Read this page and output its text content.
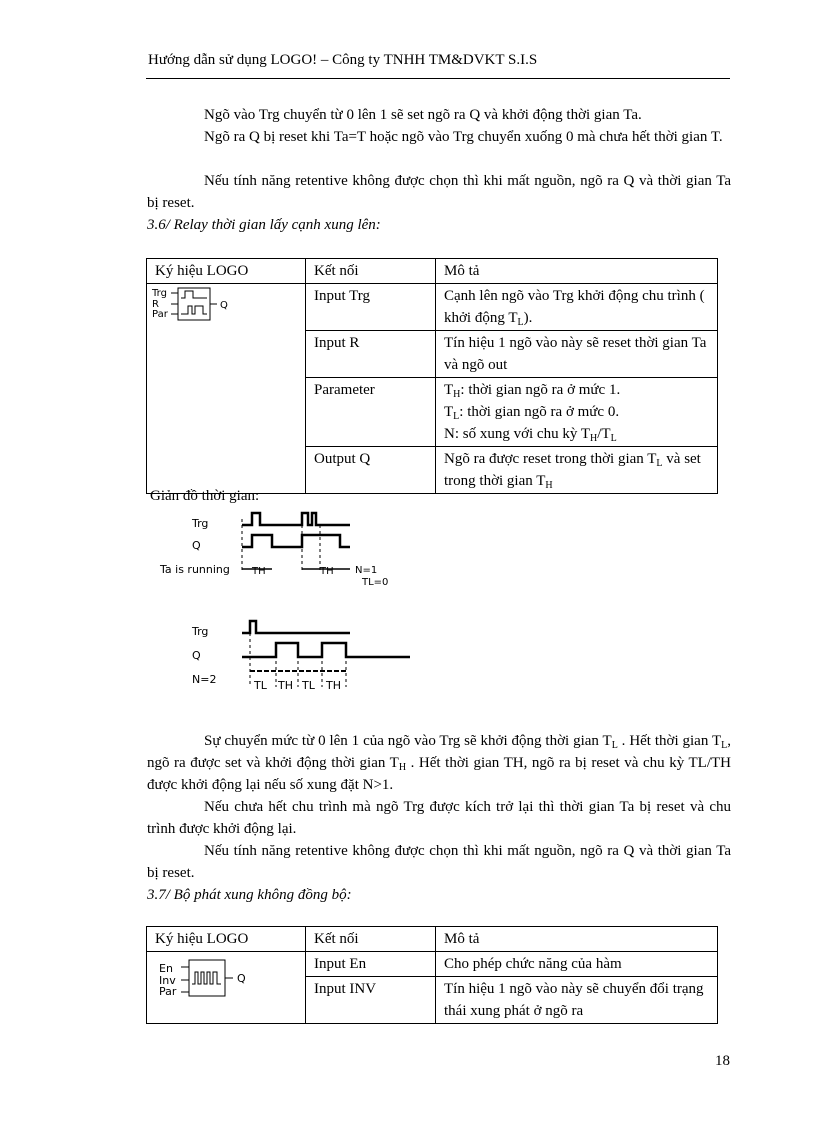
Hướng dẫn sử dụng LOGO! – Công ty TNHH TM&DVKT S.I.S
Ngõ vào Trg chuyển từ 0 lên 1 sẽ set ngõ ra Q và khởi động thời gian Ta.
Ngõ ra Q bị reset khi Ta=T hoặc ngõ vào Trg chuyển xuống 0 mà chưa hết thời gian T.
Nếu tính năng retentive không được chọn thì khi mất nguồn, ngõ ra Q và thời gian Ta bị reset.
3.6/ Relay thời gian lấy cạnh xung lên:
Ký hiệu LOGO	Kết nối	Mô tả

Trg
R
Par
Q	Input Trg	Cạnh lên ngõ vào Trg khởi động chu trình ( khởi động $T_L$).
	Input R	Tín hiệu 1 ngõ vào này sẽ reset thời gian Ta và ngõ out
	Parameter	$T_H$: thời gian ngõ ra ở mức 1.
$T_L$: thời gian ngõ ra ở mức 0.
N: số xung với chu kỳ $T_H/T_L$

	Output Q	Ngõ ra được reset trong thời gian $T_L$ và set trong thời gian $T_H$
Giản đồ thời gian:
Trg
Q
Ta is running TH	TH N=1
TL=0
Trg
Q
N=2	TL TH TL TH
Sự chuyển mức từ 0 lên 1 của ngõ vào Trg sẽ khởi động thời gian $T_L$ . Hết thời gian $T_L$, ngõ ra được set và khởi động thời gian $T_H$ . Hết thời gian TH, ngõ ra bị reset và chu kỳ TL/TH được khởi động lại nếu số xung đặt N>1.
Nếu chưa hết chu trình mà ngõ Trg được kích trở lại thì thời gian Ta bị reset và chu trình được khởi động lại.
Nếu tính năng retentive không được chọn thì khi mất nguồn, ngõ ra Q và thời gian Ta bị reset.
3.7/ Bộ phát xung không đồng bộ:
Ký hiệu LOGO	Kết nối	Mô tả

En
Inv
Par
Q	Input En	Cho phép chức năng của hàm
	Input INV	Tín hiệu 1 ngõ vào này sẽ chuyển đổi trạng thái xung phát ở ngõ ra
18
